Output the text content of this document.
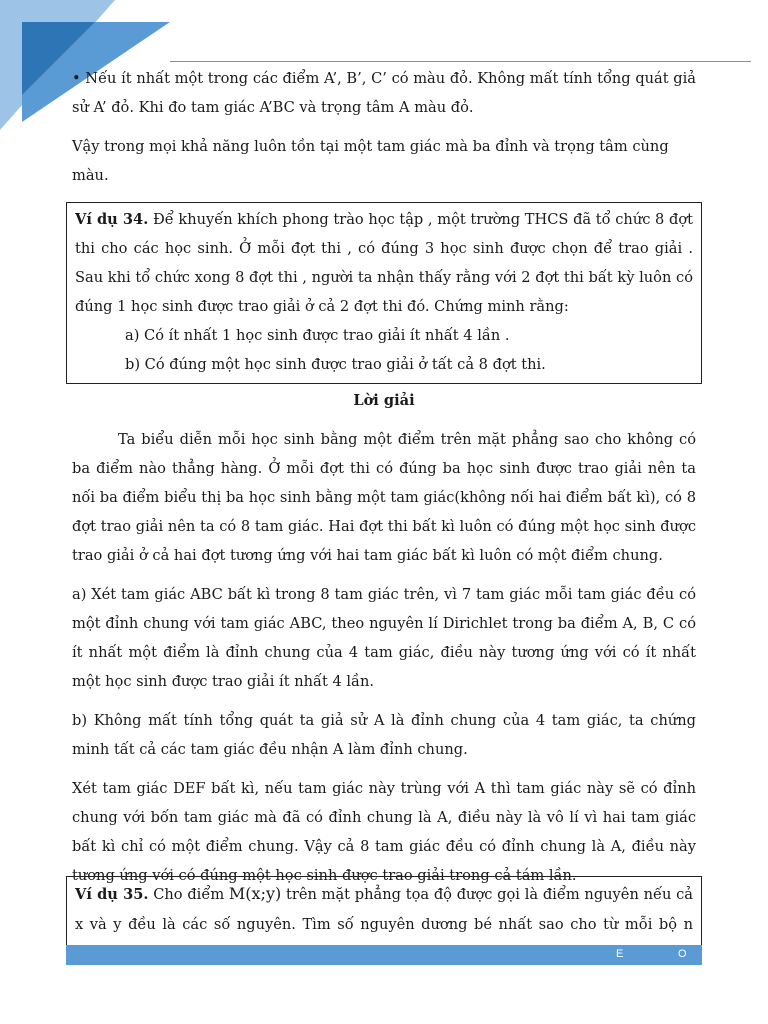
• Nếu ít nhất một trong các điểm A’, B’, C’ có màu đỏ. Không mất tính tổng quát giả sử A’ đỏ. Khi đo tam giác A’BC và trọng tâm A màu đỏ.

Vậy trong mọi khả năng luôn tồn tại một tam giác mà ba đỉnh và trọng tâm cùng màu.

Ví dụ 34. Để khuyến khích phong trào học tập , một trường THCS đã tổ chức 8 đợt thi cho các học sinh. Ở mỗi đợt thi , có đúng 3 học sinh được chọn để trao giải . Sau khi tổ chức xong 8 đợt thi , người ta nhận thấy rằng với 2 đợt thi bất kỳ luôn có đúng 1 học sinh được trao giải ở cả 2 đợt thi đó. Chứng minh rằng:

a) Có ít nhất 1 học sinh được trao giải ít nhất 4 lần .

b) Có đúng một học sinh được trao giải ở tất cả 8 đợt thi.

Lời giải

Ta biểu diễn mỗi học sinh bằng một điểm trên mặt phẳng sao cho không có ba điểm nào thẳng hàng. Ở mỗi đợt thi có đúng ba học sinh được trao giải nên ta nối ba điểm biểu thị ba học sinh bằng một tam giác(không nối hai điểm bất kì), có 8 đợt trao giải nên ta có 8 tam giác. Hai đợt thi bất kì luôn có đúng một học sinh được trao giải ở cả hai đợt tương ứng với hai tam giác bất kì luôn có một điểm chung.

a) Xét tam giác ABC bất kì trong 8 tam giác trên, vì 7 tam giác mỗi tam giác đều có một đỉnh chung với tam giác ABC, theo nguyên lí Dirichlet trong ba điểm A, B, C có ít nhất một điểm là đỉnh chung của 4 tam giác, điều này tương ứng với có ít nhất một học sinh được trao giải ít nhất 4 lần.

b) Không mất tính tổng quát ta giả sử A là đỉnh chung của 4 tam giác, ta chứng minh tất cả các tam giác đều nhận A làm đỉnh chung.

Xét tam giác DEF bất kì, nếu tam giác này trùng với A thì tam giác này sẽ có đỉnh chung với bốn tam giác mà đã có đỉnh chung là A, điều này là vô lí vì hai tam giác bất kì chỉ có một điểm chung. Vậy cả 8 tam giác đều có đỉnh chung là A, điều này tương ứng với có đúng một học sinh được trao giải trong cả tám lần.

Ví dụ 35. Cho điểm M(x;y) trên mặt phẳng tọa độ được gọi là điểm nguyên nếu cả x và y đều là các số nguyên. Tìm số nguyên dương bé nhất sao cho từ mỗi bộ n

E	O
